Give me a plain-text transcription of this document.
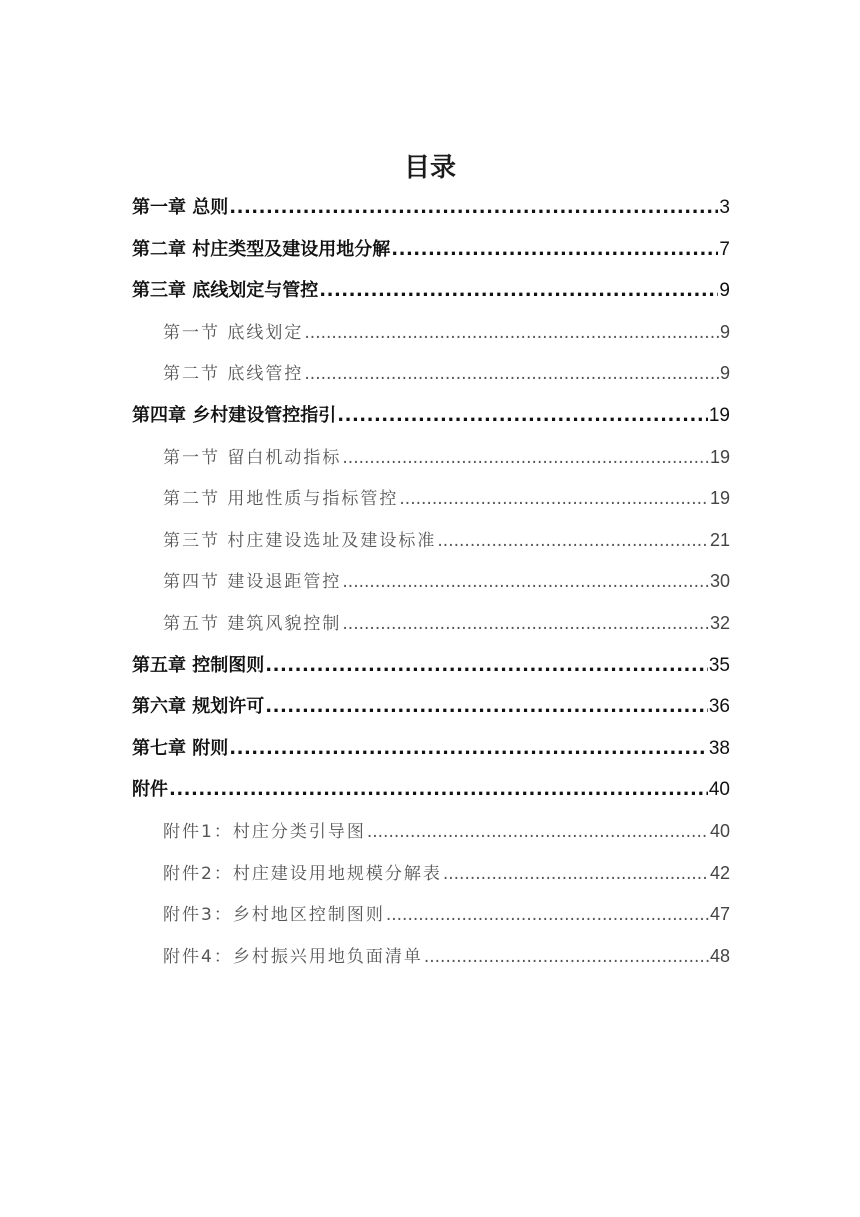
目录
第一章 总则 .....	3
第二章 村庄类型及建设用地分解 .....	7
第三章 底线划定与管控 .....	9
第一节 底线划定 .....	9
第二节 底线管控 .....	9
第四章 乡村建设管控指引 .....	19
第一节 留白机动指标 .....	19
第二节 用地性质与指标管控 .....	19
第三节 村庄建设选址及建设标准 .....	21
第四节 建设退距管控 .....	30
第五节 建筑风貌控制 .....	32
第五章 控制图则 .....	35
第六章 规划许可 .....	36
第七章 附则 .....	38
附件 .....	40
附件1：村庄分类引导图 .....	40
附件2：村庄建设用地规模分解表 .....	42
附件3：乡村地区控制图则 .....	47
附件4：乡村振兴用地负面清单 .....	48
